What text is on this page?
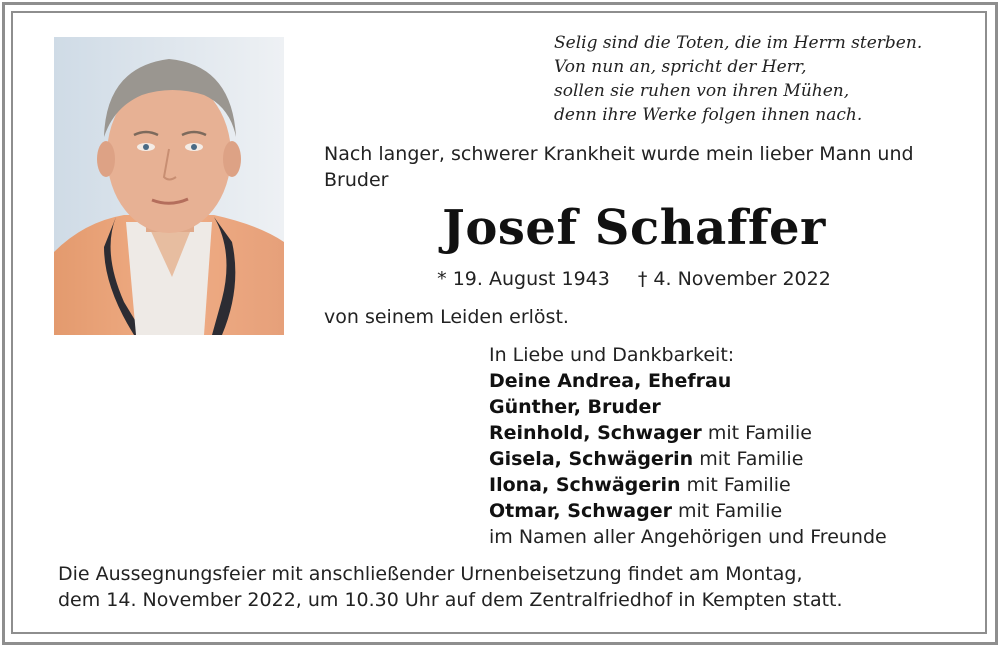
Selig sind die Toten, die im Herrn sterben.
Von nun an, spricht der Herr,
sollen sie ruhen von ihren Mühen,
denn ihre Werke folgen ihnen nach.
Nach langer, schwerer Krankheit wurde mein lieber Mann und Bruder
Josef Schaffer
* 19. August 1943 † 4. November 2022
von seinem Leiden erlöst.
In Liebe und Dankbarkeit:
Deine Andrea, Ehefrau
Günther, Bruder
Reinhold, Schwager mit Familie
Gisela, Schwägerin mit Familie
Ilona, Schwägerin mit Familie
Otmar, Schwager mit Familie
im Namen aller Angehörigen und Freunde
Die Aussegnungsfeier mit anschließender Urnenbeisetzung findet am Montag,
dem 14. November 2022, um 10.30 Uhr auf dem Zentralfriedhof in Kempten statt.
